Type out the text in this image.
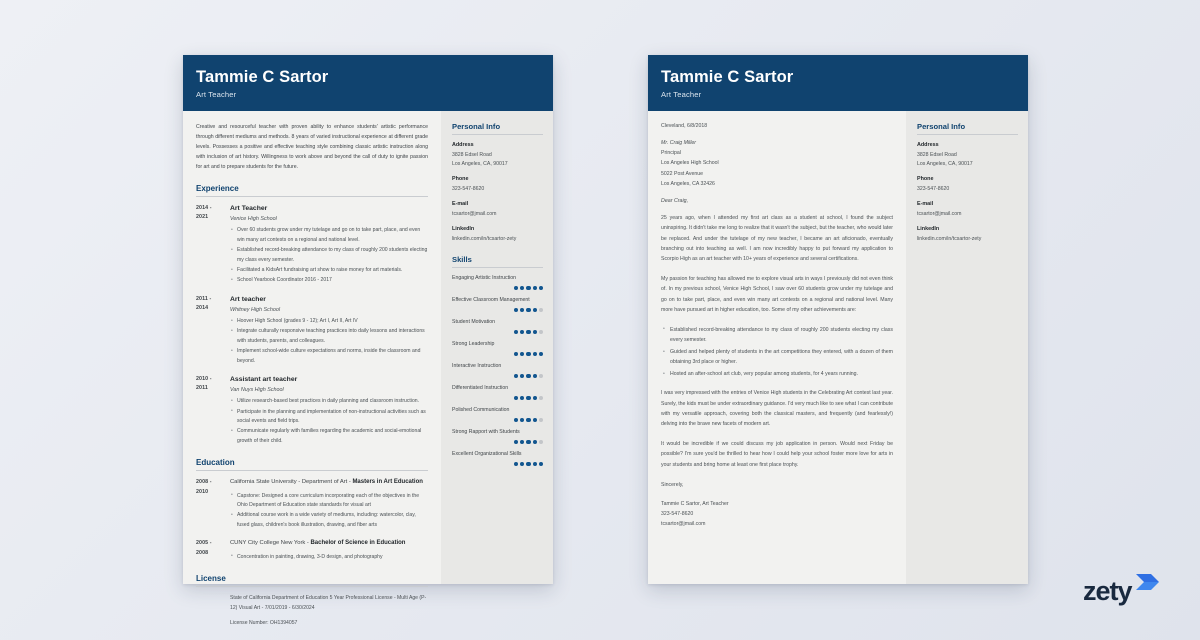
Tammie C Sartor
Art Teacher
Creative and resourceful teacher with proven ability to enhance students' artistic performance through different mediums and methods. 8 years of varied instructional experience at different grade levels. Possesses a positive and effective teaching style combining classic artistic instruction along with inclusion of art history. Willingness to work above and beyond the call of duty to ignite passion for art and to prepare students for the future.
Experience
2014 -
2021
Art Teacher
Venice High School
• Over 60 students grow under my tutelage and go on to take part, place, and even win many art contests on a regional and national level.
• Established record-breaking attendance to my class of roughly 200 students electing my class every semester.
• Facilitated a KidsArt fundraising art show to raise money for art materials.
• School Yearbook Coordinator 2016 - 2017
2011 -
2014
Art teacher
Whitney High School
• Hoover High School (grades 9 - 12); Art I, Art II, Art IV
• Integrate culturally responsive teaching practices into daily lessons and interactions with students, parents, and colleagues.
• Implement school-wide culture expectations and norms, inside the classroom and beyond.
2010 -
2011
Assistant art teacher
Van Nuys High School
• Utilize research-based best practices in daily planning and classroom instruction.
• Participate in the planning and implementation of non-instructional activities such as social events and field trips.
• Communicate regularly with families regarding the academic and social-emotional growth of their child.
Education
2008 -
2010
California State University - Department of Art - Masters in Art Education
• Capstone: Designed a core curriculum incorporating each of the objectives in the Ohio Department of Education state standards for visual art
• Additional course work in a wide variety of mediums, including: watercolor, clay, fused glass, children's book illustration, drawing, and fiber arts
2005 -
2008
CUNY City College New York - Bachelor of Science in Education
• Concentration in painting, drawing, 3-D design, and photography
License
State of California Department of Education 5 Year Professional License - Multi Age (P-12) Visual Art - 7/01/2019 - 6/30/2024
License Number: OH1394057
Personal Info
Address
3828 Edsel Road
Los Angeles, CA, 90017
Phone
323-547-8620
E-mail
tcsartor@jmail.com
LinkedIn
linkedin.com/in/tcsartor-zety
Skills
Engaging Artistic Instruction
Effective Classroom Management
Student Motivation
Strong Leadership
Interactive Instruction
Differentiated Instruction
Polished Communication
Strong Rapport with Students
Excellent Organizational Skills
Tammie C Sartor
Art Teacher
Cleveland, 6/8/2018
Mr. Craig Miller
Principal
Los Angeles High School
5022 Post Avenue
Los Angeles, CA 32426
Dear Craig,
25 years ago, when I attended my first art class as a student at school, I found the subject uninspiring. It didn't take me long to realize that it wasn't the subject, but the teacher, who would later be replaced. And under the tutelage of my new teacher, I became an art aficionado, eventually branching out into teaching as well. I am now incredibly happy to put forward my application to Scorpio High as an art teacher with 10+ years of experience and several certifications.
My passion for teaching has allowed me to explore visual arts in ways I previously did not even think of. In my previous school, Venice High School, I saw over 60 students grow under my tutelage and go on to take part, place, and even win many art contests on a regional and national level. Many more have pursued art in higher education, too. Some of my other achievements are:
• Established record-breaking attendance to my class of roughly 200 students electing my class every semester.
• Guided and helped plenty of students in the art competitions they entered, with a dozen of them obtaining 3rd place or higher.
• Hosted an after-school art club, very popular among students, for 4 years running.
I was very impressed with the entries of Venice High students in the Celebrating Art contest last year. Surely, the kids must be under extraordinary guidance. I'd very much like to see what I can contribute with my versatile approach, covering both the classical masters, and frequently (and fearlessly!) delving into the brave new facets of modern art.
It would be incredible if we could discuss my job application in person. Would next Friday be possible? I'm sure you'd be thrilled to hear how I could help your school foster more love for arts in your students and bring home at least one first place trophy.
Sincerely,
Tammie C Sartor, Art Teacher
323-547-8620
tcsartor@jmail.com
Personal Info
Address
3828 Edsel Road
Los Angeles, CA, 90017
Phone
323-547-8620
E-mail
tcsartor@jmail.com
LinkedIn
linkedin.com/in/tcsartor-zety
zety
